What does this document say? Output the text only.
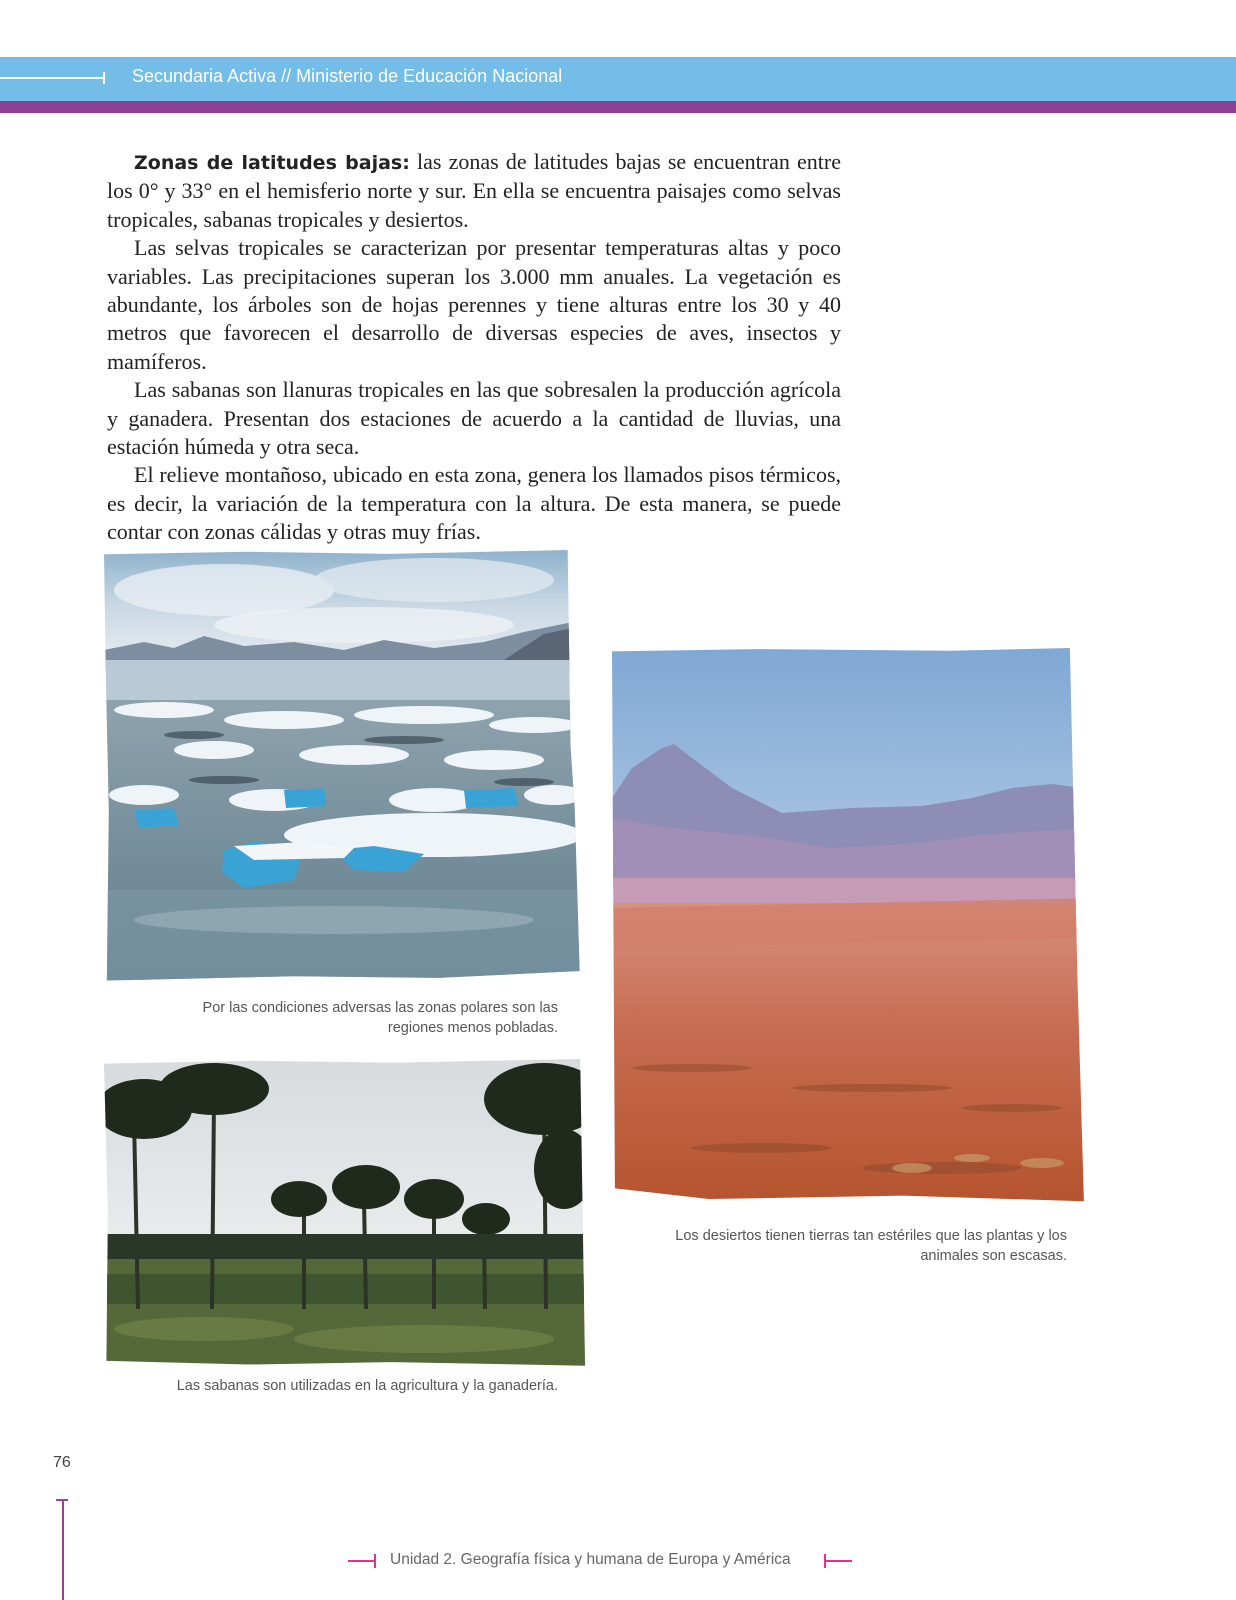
Secundaria Activa // Ministerio de Educación Nacional

Zonas de latitudes bajas: las zonas de latitudes bajas se encuentran entre los 0° y 33° en el hemisferio norte y sur. En ella se encuentra paisajes como selvas tropicales, sabanas tropicales y desiertos.

Las selvas tropicales se caracterizan por presentar temperaturas altas y poco variables. Las precipitaciones superan los 3.000 mm anuales. La vegetación es abundante, los árboles son de hojas perennes y tiene alturas entre los 30 y 40 metros que favorecen el desarrollo de diversas especies de aves, insectos y mamíferos.

Las sabanas son llanuras tropicales en las que sobresalen la producción agrícola y ganadera. Presentan dos estaciones de acuerdo a la cantidad de lluvias, una estación húmeda y otra seca.

El relieve montañoso, ubicado en esta zona, genera los llamados pisos térmicos, es decir, la variación de la temperatura con la altura. De esta manera, se puede contar con zonas cálidas y otras muy frías.

Por las condiciones adversas las zonas polares son las regiones menos pobladas.
Los desiertos tienen tierras tan estériles que las plantas y los animales son escasas.
Las sabanas son utilizadas en la agricultura y la ganadería.
76
Unidad 2. Geografía física y humana de Europa y América
